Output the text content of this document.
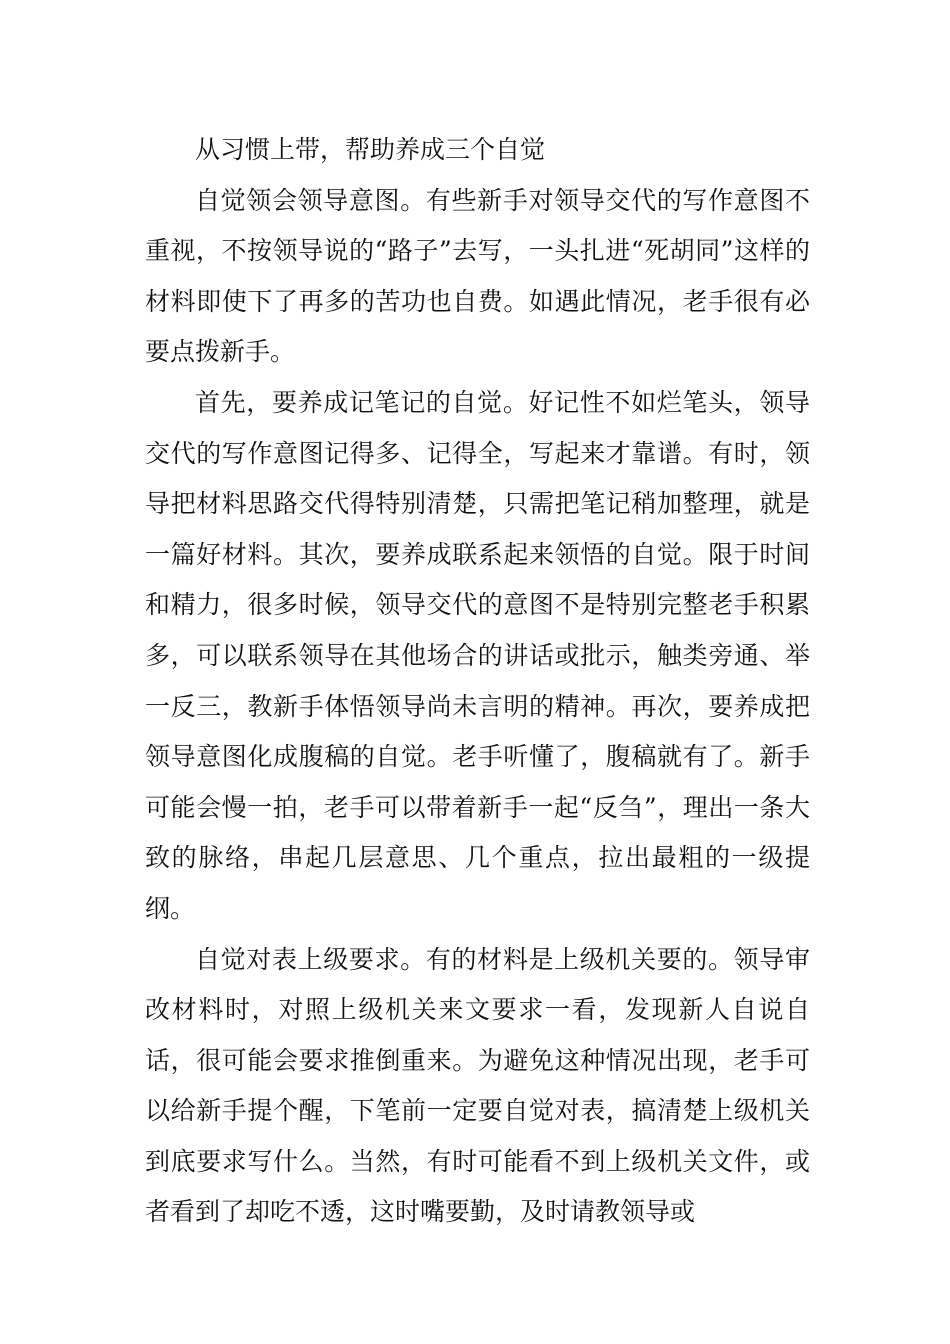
从习惯上带，帮助养成三个自觉

自觉领会领导意图。有些新手对领导交代的写作意图不重视，不按领导说的“路子”去写，一头扎进“死胡同”这样的材料即使下了再多的苦功也自费。如遇此情况，老手很有必要点拨新手。

首先，要养成记笔记的自觉。好记性不如烂笔头，领导交代的写作意图记得多、记得全，写起来才靠谱。有时，领导把材料思路交代得特别清楚，只需把笔记稍加整理，就是一篇好材料。其次，要养成联系起来领悟的自觉。限于时间和精力，很多时候，领导交代的意图不是特别完整老手积累多，可以联系领导在其他场合的讲话或批示，触类旁通、举一反三，教新手体悟领导尚未言明的精神。再次，要养成把领导意图化成腹稿的自觉。老手听懂了，腹稿就有了。新手可能会慢一拍，老手可以带着新手一起“反刍”，理出一条大致的脉络，串起几层意思、几个重点，拉出最粗的一级提纲。

自觉对表上级要求。有的材料是上级机关要的。领导审改材料时，对照上级机关来文要求一看，发现新人自说自话，很可能会要求推倒重来。为避免这种情况出现，老手可以给新手提个醒，下笔前一定要自觉对表，搞清楚上级机关到底要求写什么。当然，有时可能看不到上级机关文件，或者看到了却吃不透，这时嘴要勤，及时请教领导或
